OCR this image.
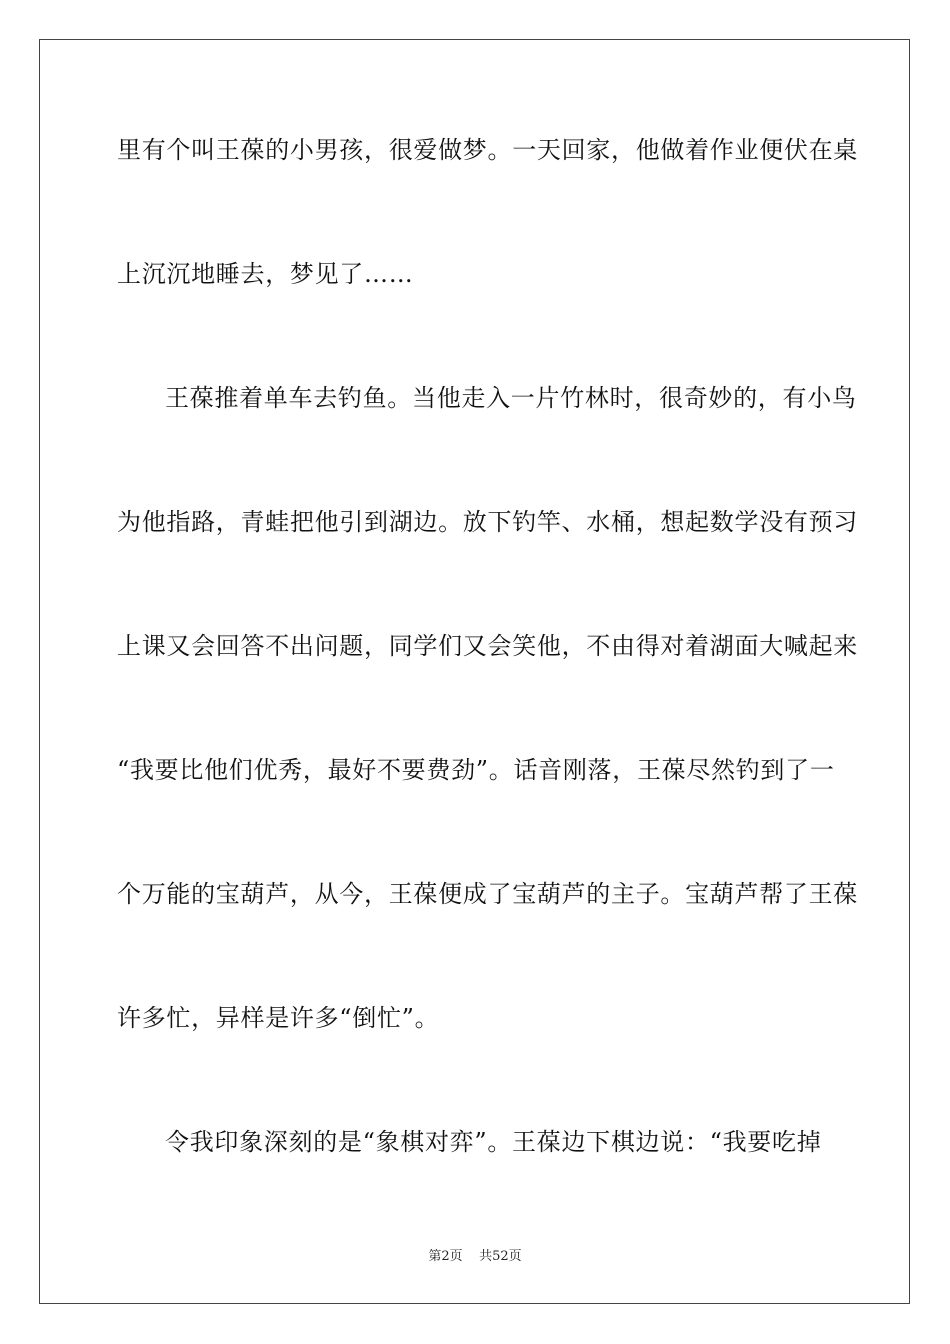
里有个叫王葆的小男孩，很爱做梦。一天回家，他做着作业便伏在桌
上沉沉地睡去，梦见了……
王葆推着单车去钓鱼。当他走入一片竹林时，很奇妙的，有小鸟
为他指路，青蛙把他引到湖边。放下钓竿、水桶，想起数学没有预习
上课又会回答不出问题，同学们又会笑他，不由得对着湖面大喊起来
“我要比他们优秀，最好不要费劲”。话音刚落，王葆尽然钓到了一
个万能的宝葫芦，从今，王葆便成了宝葫芦的主子。宝葫芦帮了王葆
许多忙，异样是许多“倒忙”。
令我印象深刻的是“象棋对弈”。王葆边下棋边说：“我要吃掉
第2页    共52页
